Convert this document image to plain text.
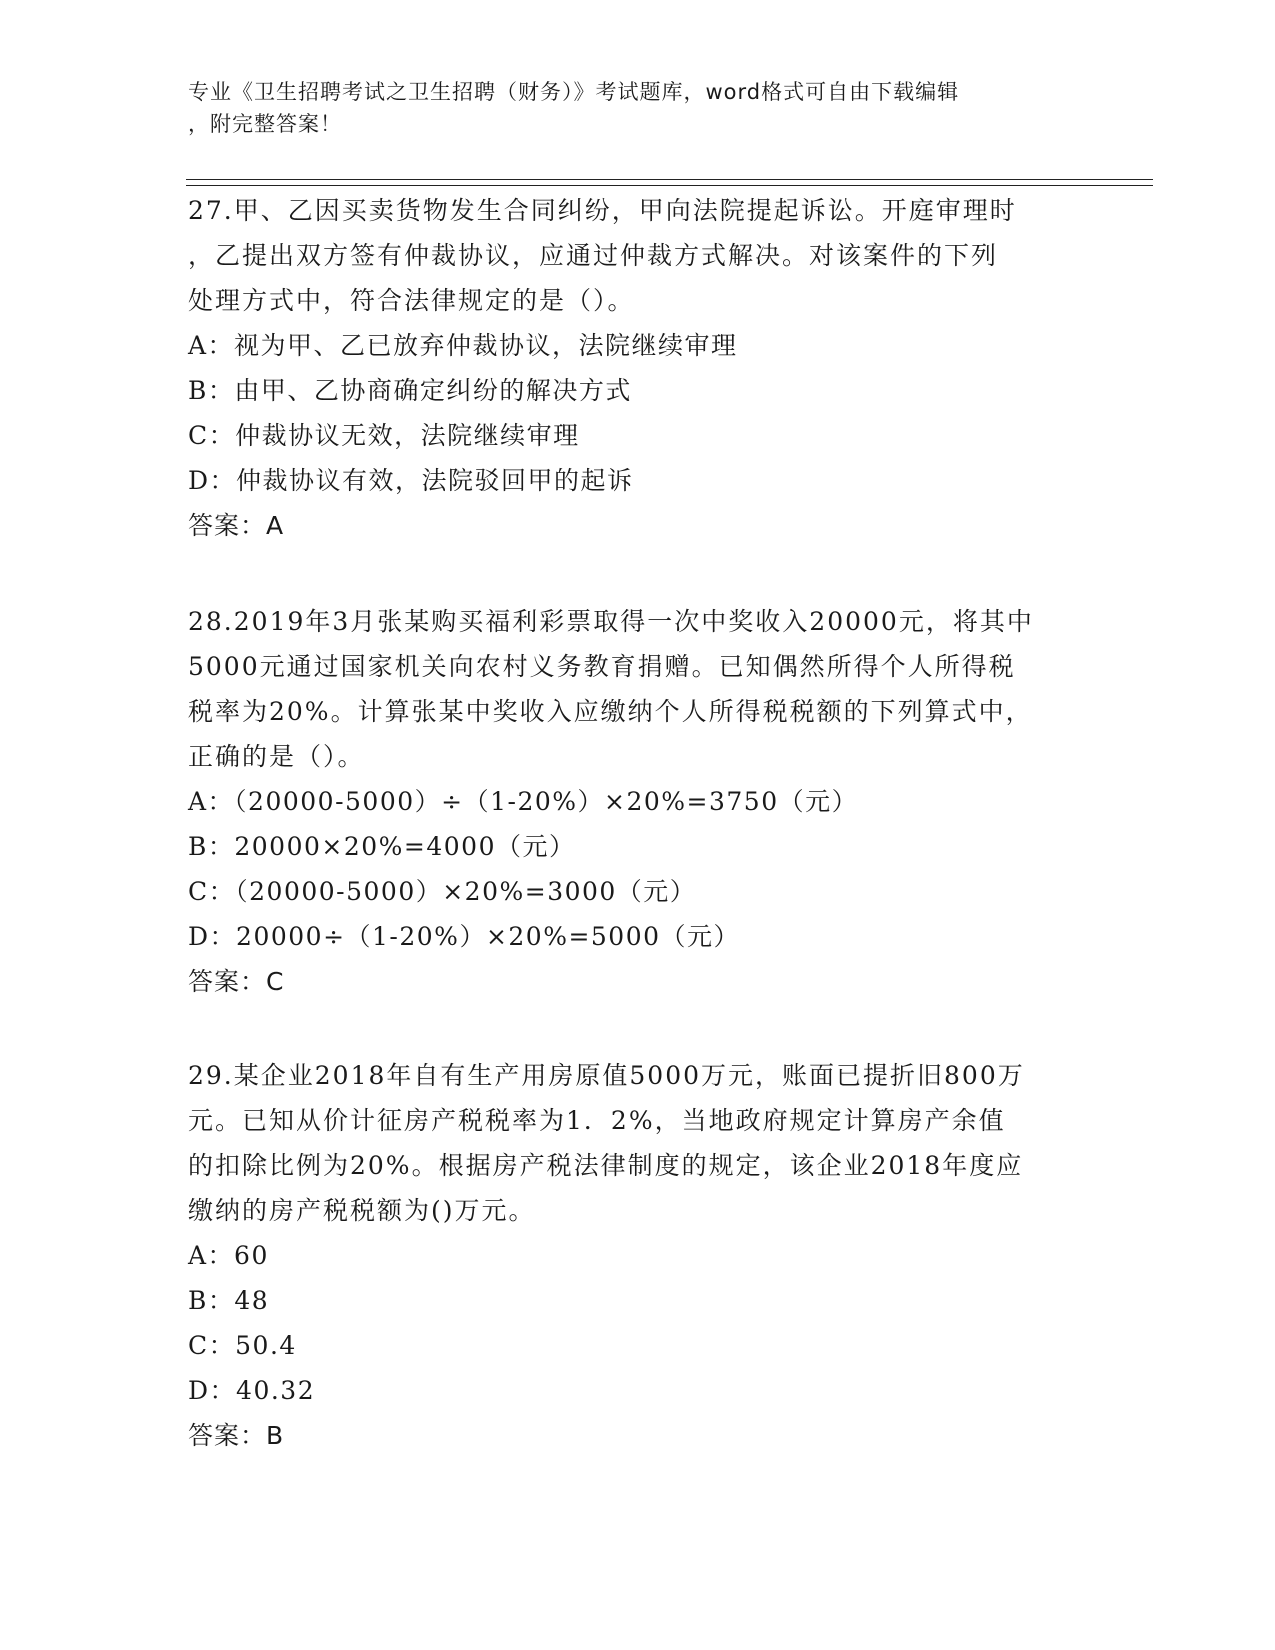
专业《卫生招聘考试之卫生招聘（财务）》考试题库，word格式可自由下载编辑
，附完整答案！
27.甲、乙因买卖货物发生合同纠纷，甲向法院提起诉讼。开庭审理时
，乙提出双方签有仲裁协议，应通过仲裁方式解决。对该案件的下列
处理方式中，符合法律规定的是（）。
A：视为甲、乙已放弃仲裁协议，法院继续审理
B：由甲、乙协商确定纠纷的解决方式
C：仲裁协议无效，法院继续审理
D：仲裁协议有效，法院驳回甲的起诉
答案：A
28.2019年3月张某购买福利彩票取得一次中奖收入20000元，将其中
5000元通过国家机关向农村义务教育捐赠。已知偶然所得个人所得税
税率为20%。计算张某中奖收入应缴纳个人所得税税额的下列算式中，
正确的是（）。
A：（20000-5000）÷（1-20%）×20%=3750（元）
B：20000×20%=4000（元）
C：（20000-5000）×20%=3000（元）
D：20000÷（1-20%）×20%=5000（元）
答案：C
29.某企业2018年自有生产用房原值5000万元，账面已提折旧800万
元。已知从价计征房产税税率为1．2%，当地政府规定计算房产余值
的扣除比例为20%。根据房产税法律制度的规定，该企业2018年度应
缴纳的房产税税额为()万元。
A：60
B：48
C：50.4
D：40.32
答案：B
